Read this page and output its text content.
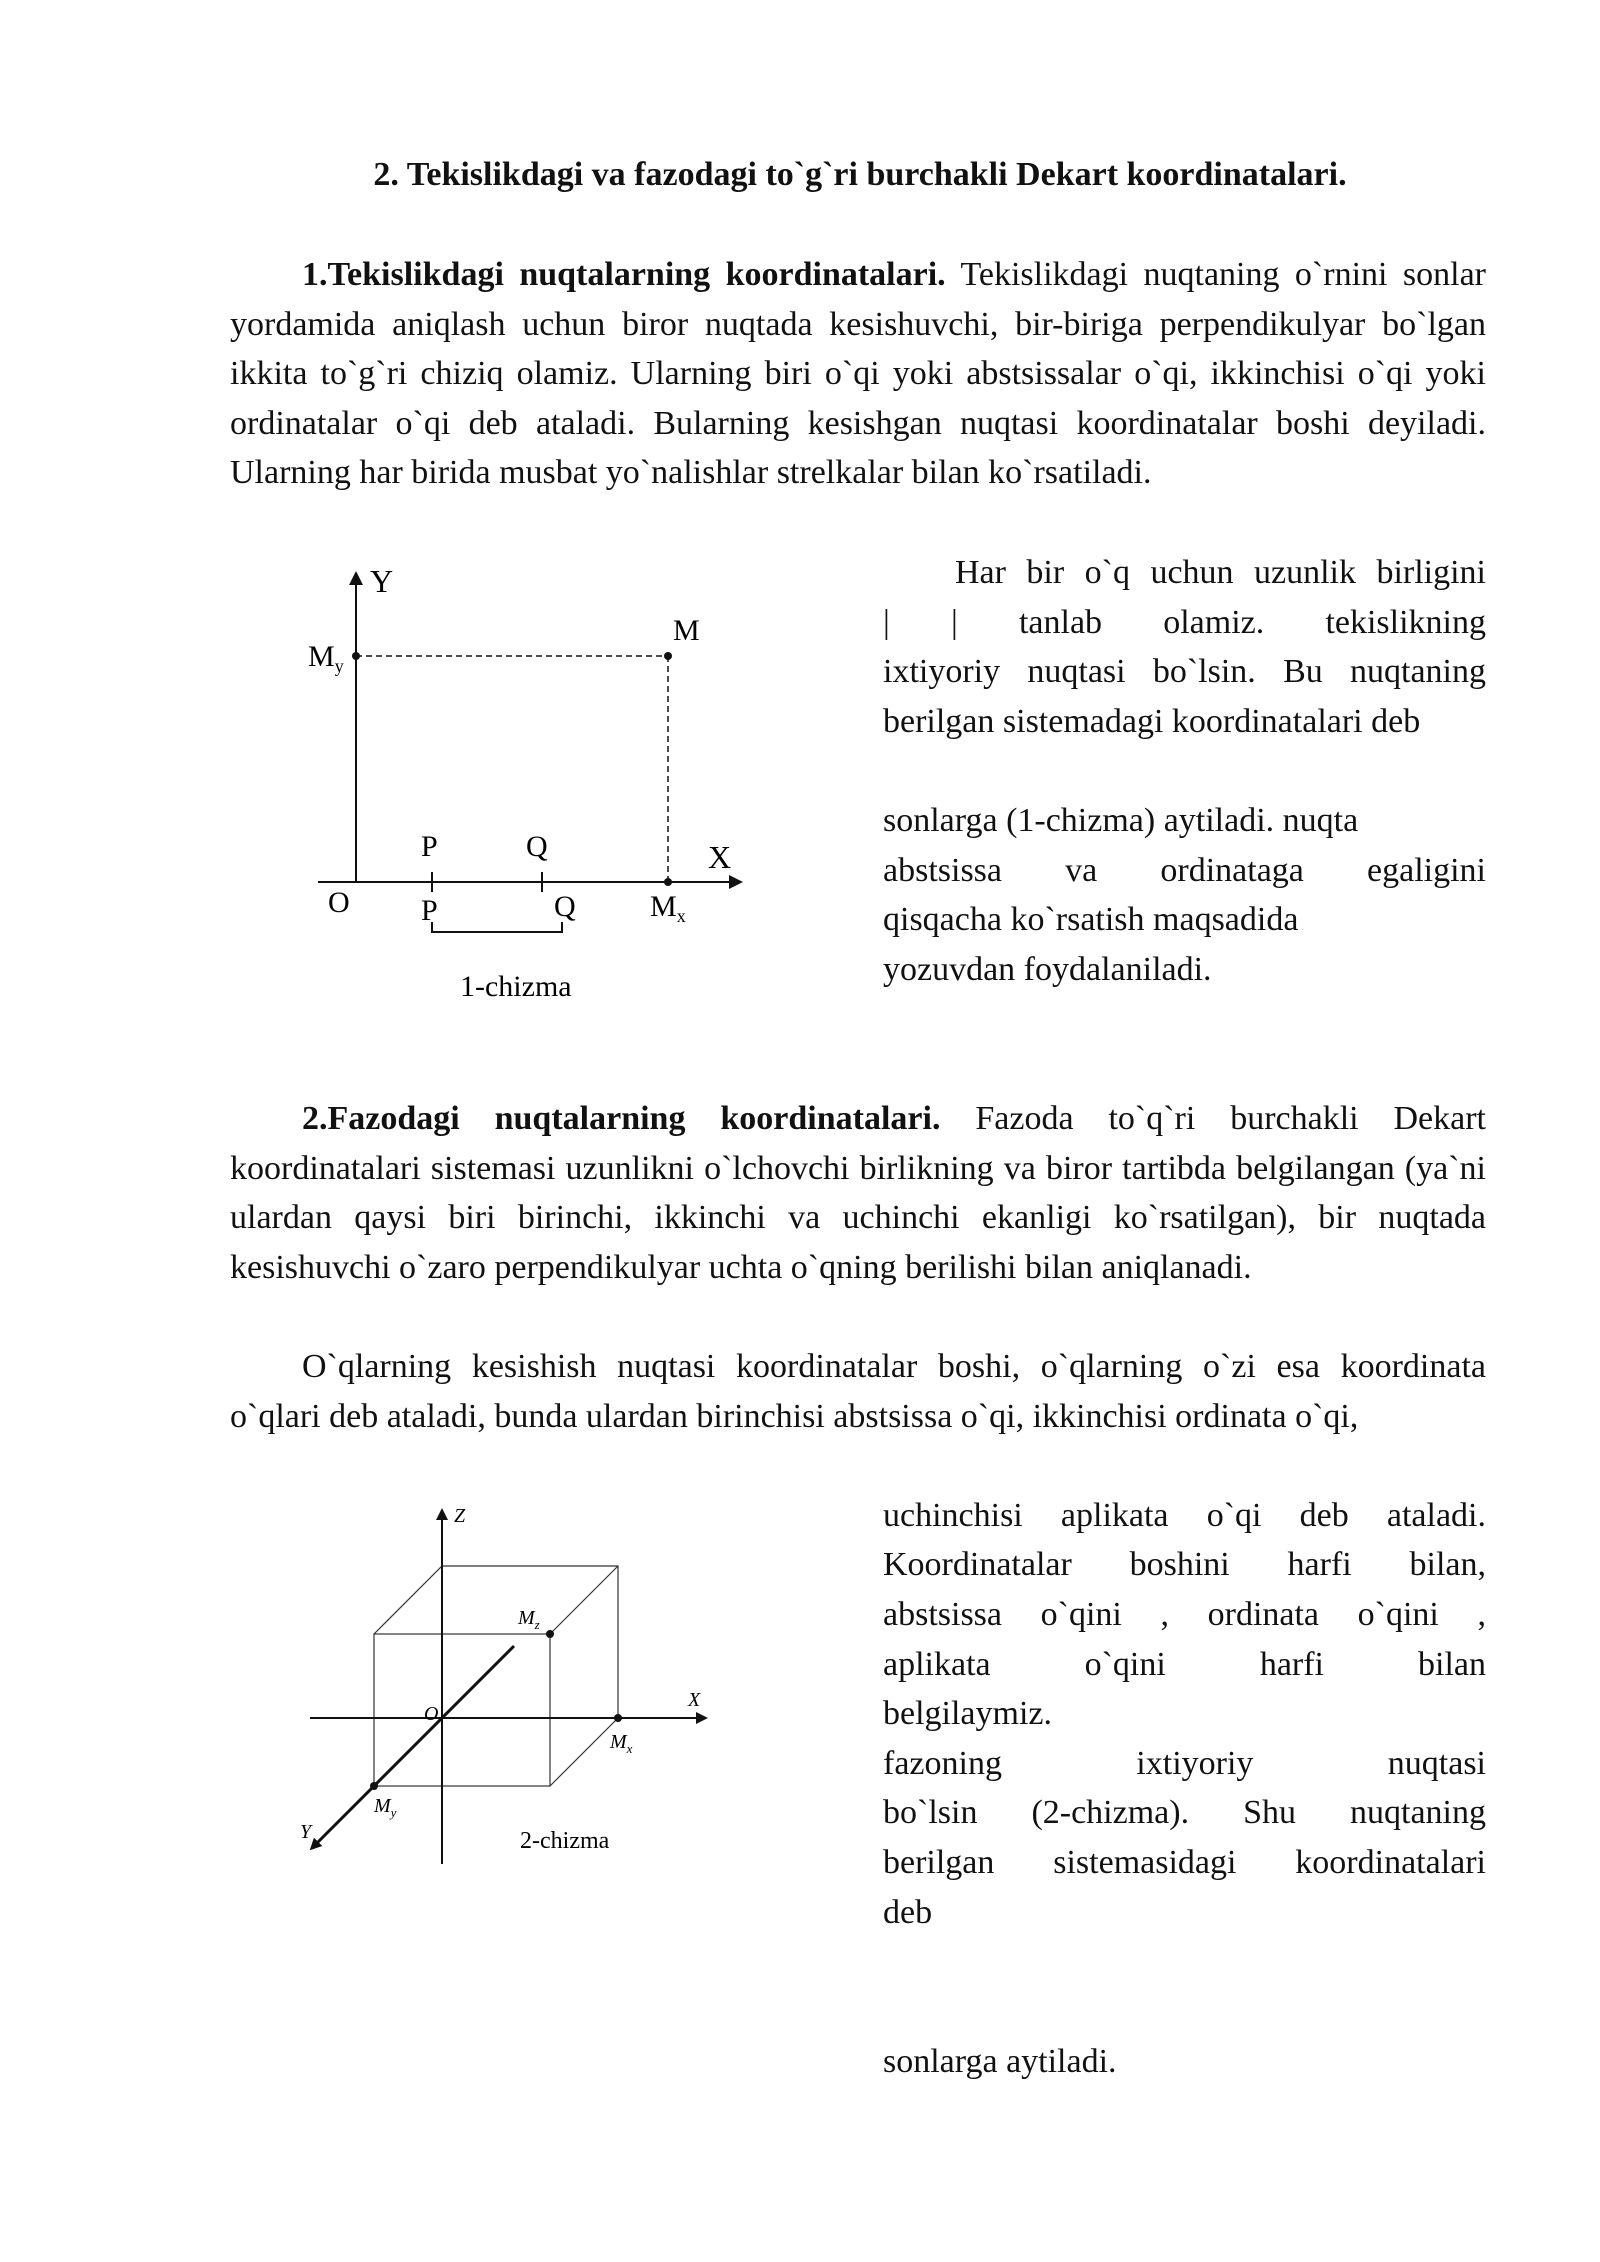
2. Tekislikdagi va fazodagi to`g`ri burchakli Dekart koordinatalari.

1.Tekislikdagi nuqtalarning koordinatalari. Tekislikdagi nuqtaning o`rnini sonlar yordamida aniqlash uchun biror nuqtada kesishuvchi, bir-biriga perpendikulyar bo`lgan ikkita to`g`ri chiziq olamiz. Ularning biri o`qi yoki abstsissalar o`qi, ikkinchisi o`qi yoki ordinatalar o`qi deb ataladi. Bularning kesishgan nuqtasi koordinatalar boshi deyiladi. Ularning har birida musbat yo`nalishlar strelkalar bilan ko`rsatiladi.

Y
X
O
M
$M_y$
$M_x$
P	Q
P	Q
1-chizma

Har bir o`q uchun uzunlik birligini

| | tanlab olamiz. tekislikning

ixtiyoriy nuqtasi bo`lsin. Bu nuqtaning

berilgan sistemadagi koordinatalari deb

sonlarga (1-chizma) aytiladi. nuqta

abstsissa va ordinataga egaligini

qisqacha ko`rsatish maqsadida

yozuvdan foydalaniladi.

2.Fazodagi nuqtalarning koordinatalari. Fazoda to`q`ri burchakli Dekart koordinatalari sistemasi uzunlikni o`lchovchi birlikning va biror tartibda belgilangan (ya`ni ulardan qaysi biri birinchi, ikkinchi va uchinchi ekanligi ko`rsatilgan), bir nuqtada kesishuvchi o`zaro perpendikulyar uchta o`qning berilishi bilan aniqlanadi.

O`qlarning kesishish nuqtasi koordinatalar boshi, o`qlarning o`zi esa koordinata o`qlari deb ataladi, bunda ulardan birinchisi abstsissa o`qi, ikkinchisi ordinata o`qi,

Z
X
Y
O
$M_z$
$M_x$
$M_y$
2-chizma

uchinchisi aplikata o`qi deb ataladi.

Koordinatalar boshini harfi bilan,

abstsissa o`qini , ordinata o`qini ,

aplikata o`qini harfi bilan

belgilaymiz.

fazoning ixtiyoriy nuqtasi

bo`lsin (2-chizma). Shu nuqtaning

berilgan sistemasidagi koordinatalari

deb

sonlarga aytiladi.
